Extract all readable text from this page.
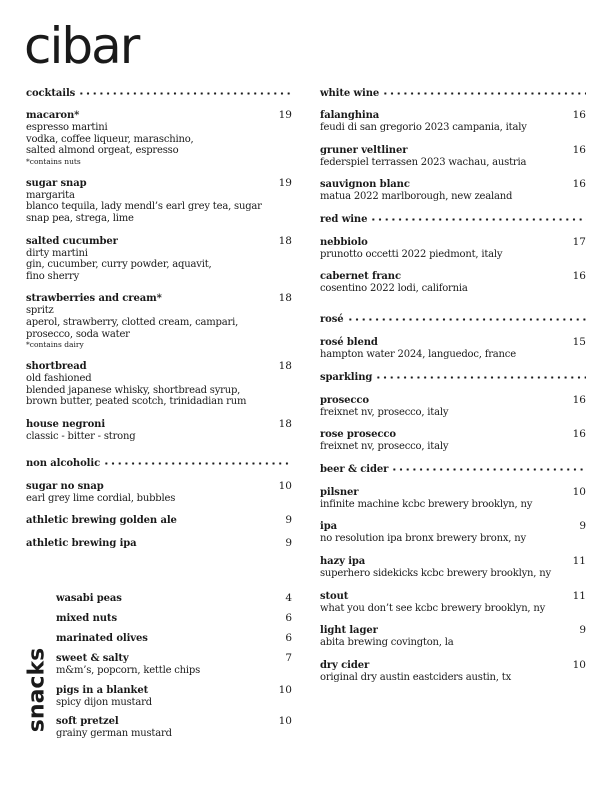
cibar
cocktails
macaron*	19
espresso martini
vodka, coffee liqueur, maraschino,
salted almond orgeat, espresso
*contains nuts
sugar snap	19
margarita
blanco tequila, lady mendl’s earl grey tea, sugar
snap pea, strega, lime
salted cucumber	18
dirty martini
gin, cucumber, curry powder, aquavit,
fino sherry
strawberries and cream*	18
spritz
aperol, strawberry, clotted cream, campari,
prosecco, soda water
*contains dairy
shortbread	18
old fashioned
blended japanese whisky, shortbread syrup,
brown butter, peated scotch, trinidadian rum
house negroni	18
classic - bitter - strong
non alcoholic
sugar no snap	10
earl grey lime cordial, bubbles
athletic brewing golden ale	9
athletic brewing ipa	9
white wine
falanghina	16
feudi di san gregorio 2023 campania, italy
gruner veltliner	16
federspiel terrassen 2023 wachau, austria
sauvignon blanc	16
matua 2022 marlborough, new zealand
red wine
nebbiolo	17
prunotto occetti 2022 piedmont, italy
cabernet franc	16
cosentino 2022 lodi, california
rosé
rosé blend	15
hampton water 2024, languedoc, france
sparkling
prosecco	16
freixnet nv, prosecco, italy
rose prosecco	16
freixnet nv, prosecco, italy
beer & cider
pilsner	10
infinite machine kcbc brewery brooklyn, ny
ipa	9
no resolution ipa bronx brewery bronx, ny
hazy ipa	11
superhero sidekicks kcbc brewery brooklyn, ny
stout	11
what you don’t see kcbc brewery brooklyn, ny
light lager	9
abita brewing covington, la
dry cider	10
original dry austin eastciders austin, tx
snacks
wasabi peas	4
mixed nuts	6
marinated olives	6
sweet & salty	7
m&m’s, popcorn, kettle chips
pigs in a blanket	10
spicy dijon mustard
soft pretzel	10
grainy german mustard
